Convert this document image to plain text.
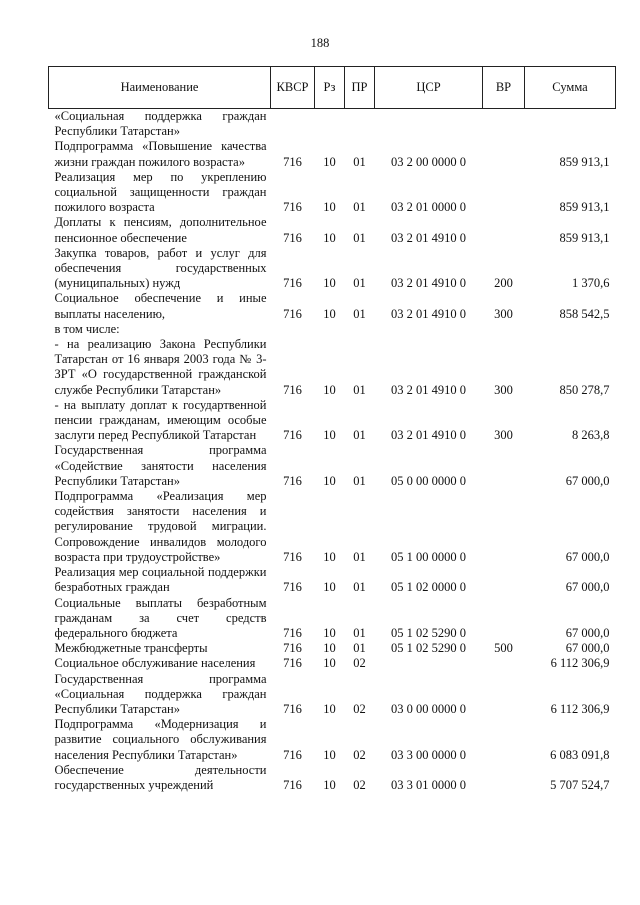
188
Наименование	КВСР	Рз	ПР	ЦСР	ВР	Сумма
«Социальная поддержка граждан Республики Татарстан»						
Подпрограмма «Повышение качества жизни граждан пожилого возраста»	716	10	01	03 2 00 0000 0		859 913,1
Реализация мер по укреплению социальной защищенности граждан пожилого возраста	716	10	01	03 2 01 0000 0		859 913,1
Доплаты к пенсиям, дополнительное пенсионное обеспечение	716	10	01	03 2 01 4910 0		859 913,1
Закупка товаров, работ и услуг для обеспечения государственных (муниципальных) нужд	716	10	01	03 2 01 4910 0	200	1 370,6
Социальное обеспечение и иные выплаты населению,	716	10	01	03 2 01 4910 0	300	858 542,5
в том числе:						
- на реализацию Закона Республики Татарстан от 16 января 2003 года № 3-ЗРТ «О государственной гражданской службе Республики Татарстан»	716	10	01	03 2 01 4910 0	300	850 278,7
- на выплату доплат к государтвенной пенсии гражданам, имеющим особые заслуги перед Республикой Татарстан	716	10	01	03 2 01 4910 0	300	8 263,8
Государственная программа «Содействие занятости населения Республики Татарстан»	716	10	01	05 0 00 0000 0		67 000,0
Подпрограмма «Реализация мер содействия занятости населения и регулирование трудовой миграции. Сопровождение инвалидов молодого возраста при трудоустройстве»	716	10	01	05 1 00 0000 0		67 000,0
Реализация мер социальной поддержки безработных граждан	716	10	01	05 1 02 0000 0		67 000,0
Социальные выплаты безработным гражданам за счет средств федерального бюджета	716	10	01	05 1 02 5290 0		67 000,0
Межбюджетные трансферты	716	10	01	05 1 02 5290 0	500	67 000,0
Социальное обслуживание населения	716	10	02			6 112 306,9
Государственная программа «Социальная поддержка граждан Республики Татарстан»	716	10	02	03 0 00 0000 0		6 112 306,9
Подпрограмма «Модернизация и развитие социального обслуживания населения Республики Татарстан»	716	10	02	03 3 00 0000 0		6 083 091,8
Обеспечение деятельности государственных учреждений	716	10	02	03 3 01 0000 0		5 707 524,7
